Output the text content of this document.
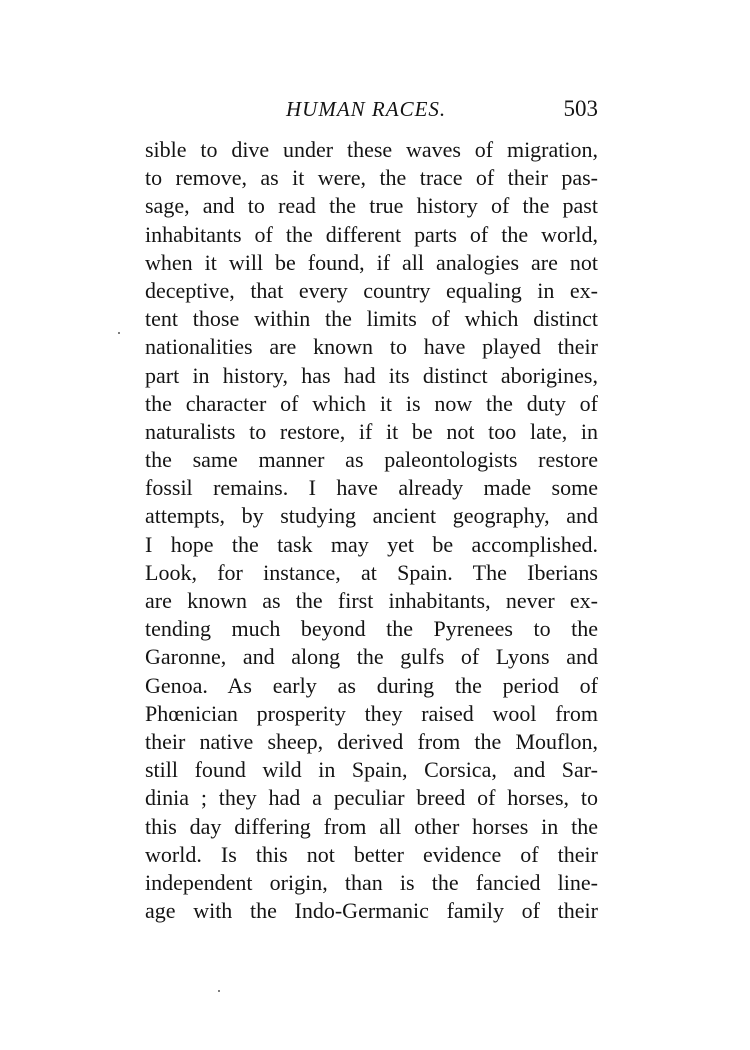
HUMAN RACES.	503
sible to dive under these waves of migration,
to remove, as it were, the trace of their pas-
sage, and to read the true history of the past
inhabitants of the different parts of the world,
when it will be found, if all analogies are not
deceptive, that every country equaling in ex-
tent those within the limits of which distinct
nationalities are known to have played their
part in history, has had its distinct aborigines,
the character of which it is now the duty of
naturalists to restore, if it be not too late, in
the same manner as paleontologists restore
fossil remains. I have already made some
attempts, by studying ancient geography, and
I hope the task may yet be accomplished.
Look, for instance, at Spain. The Iberians
are known as the first inhabitants, never ex-
tending much beyond the Pyrenees to the
Garonne, and along the gulfs of Lyons and
Genoa. As early as during the period of
Phœnician prosperity they raised wool from
their native sheep, derived from the Mouflon,
still found wild in Spain, Corsica, and Sar-
dinia ; they had a peculiar breed of horses, to
this day differing from all other horses in the
world. Is this not better evidence of their
independent origin, than is the fancied line-
age with the Indo-Germanic family of their
